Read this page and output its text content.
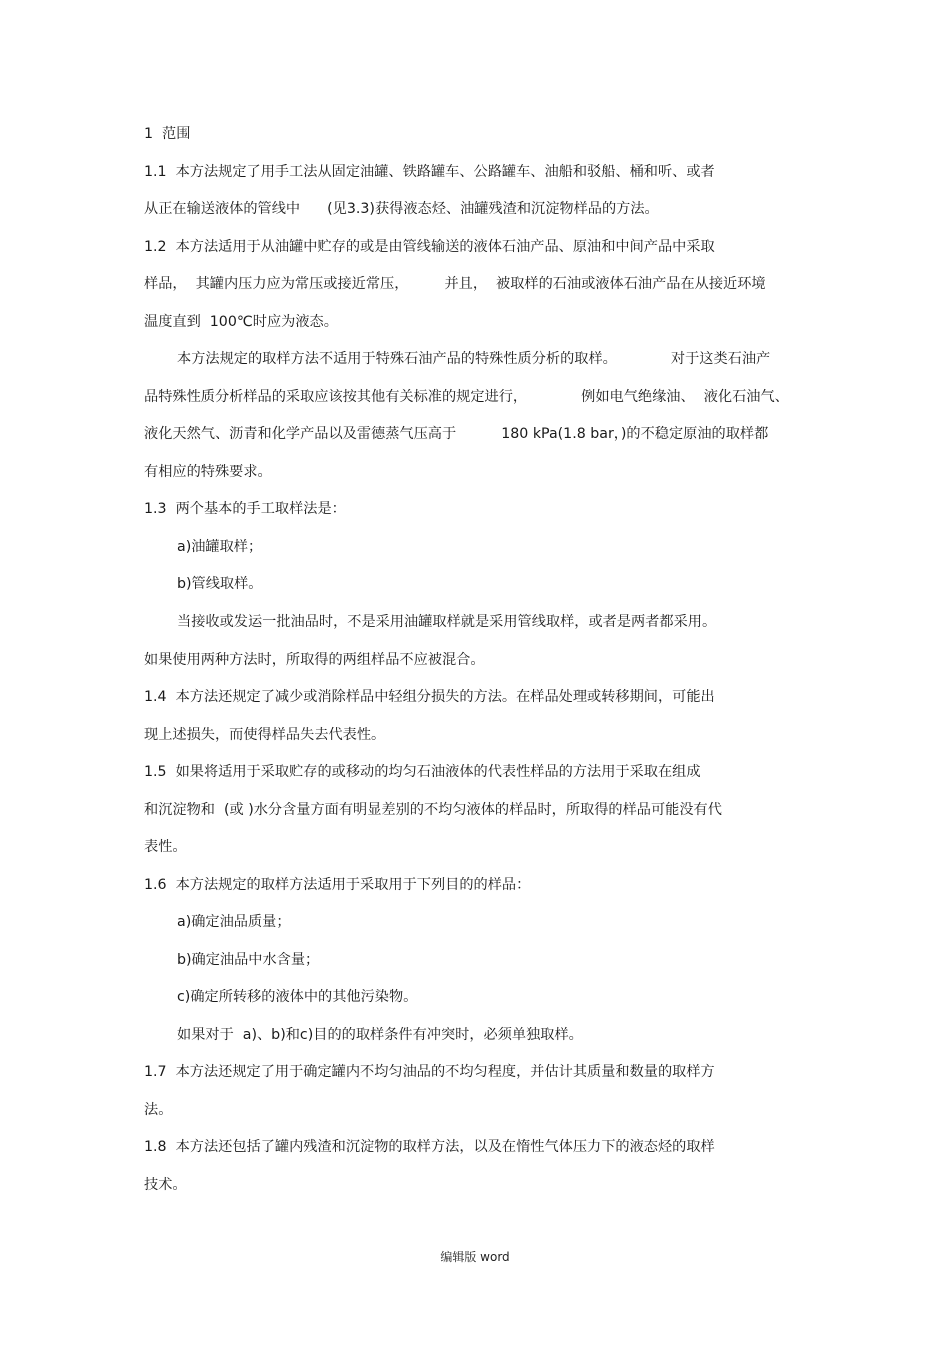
1  范围
1.1  本方法规定了用手工法从固定油罐、铁路罐车、公路罐车、油船和驳船、桶和听、或者
从正在输送液体的管线中      (见3.3)获得液态烃、油罐残渣和沉淀物样品的方法。
1.2  本方法适用于从油罐中贮存的或是由管线输送的液体石油产品、原油和中间产品中采取
样品，  其罐内压力应为常压或接近常压，        并且，  被取样的石油或液体石油产品在从接近环境
温度直到  100℃时应为液态。
本方法规定的取样方法不适用于特殊石油产品的特殊性质分析的取样。            对于这类石油产
品特殊性质分析样品的采取应该按其他有关标准的规定进行，            例如电气绝缘油、  液化石油气、
液化天然气、沥青和化学产品以及雷德蒸气压高于          180 kPa(1.8 bar，)的不稳定原油的取样都
有相应的特殊要求。
1.3  两个基本的手工取样法是：
a)油罐取样；
b)管线取样。
当接收或发运一批油品时，不是采用油罐取样就是采用管线取样，或者是两者都采用。
如果使用两种方法时，所取得的两组样品不应被混合。
1.4  本方法还规定了减少或消除样品中轻组分损失的方法。在样品处理或转移期间，可能出
现上述损失，而使得样品失去代表性。
1.5  如果将适用于采取贮存的或移动的均匀石油液体的代表性样品的方法用于采取在组成
和沉淀物和  (或 )水分含量方面有明显差别的不均匀液体的样品时，所取得的样品可能没有代
表性。
1.6  本方法规定的取样方法适用于采取用于下列目的的样品：
a)确定油品质量；
b)确定油品中水含量；
c)确定所转移的液体中的其他污染物。
如果对于  a)、b)和c)目的的取样条件有冲突时，必须单独取样。
1.7  本方法还规定了用于确定罐内不均匀油品的不均匀程度，并估计其质量和数量的取样方
法。
1.8  本方法还包括了罐内残渣和沉淀物的取样方法，以及在惰性气体压力下的液态烃的取样
技术。
编辑版 word
